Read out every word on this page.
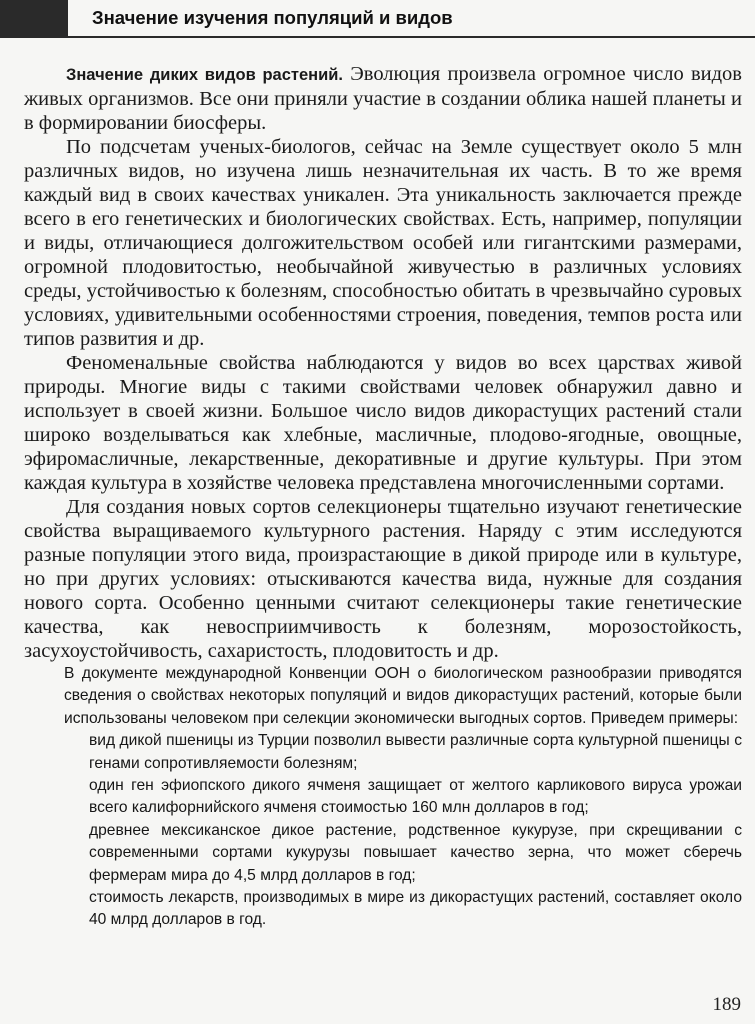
Значение изучения популяций и видов

Значение диких видов растений. Эволюция произвела огромное число видов живых организмов. Все они приняли участие в создании облика нашей планеты и в формировании биосферы.

По подсчетам ученых-биологов, сейчас на Земле существует около 5 млн различных видов, но изучена лишь незначительная их часть. В то же время каждый вид в своих качествах уникален. Эта уникальность заключается прежде всего в его генетических и биологических свойствах. Есть, например, популяции и виды, отличающиеся долгожительством особей или гигантскими размерами, огромной плодовитостью, необычайной живучестью в различных условиях среды, устойчивостью к болезням, способностью обитать в чрезвычайно суровых условиях, удивительными особенностями строения, поведения, темпов роста или типов развития и др.

Феноменальные свойства наблюдаются у видов во всех царствах живой природы. Многие виды с такими свойствами человек обнаружил давно и использует в своей жизни. Большое число видов дикорастущих растений стали широко возделываться как хлебные, масличные, плодово-ягодные, овощные, эфиромасличные, лекарственные, декоративные и другие культуры. При этом каждая культура в хозяйстве человека представлена многочисленными сортами.

Для создания новых сортов селекционеры тщательно изучают генетические свойства выращиваемого культурного растения. Наряду с этим исследуются разные популяции этого вида, произрастающие в дикой природе или в культуре, но при других условиях: отыскиваются качества вида, нужные для создания нового сорта. Особенно ценными считают селекционеры такие генетические качества, как невосприимчивость к болезням, морозостойкость, засухоустойчивость, сахаристость, плодовитость и др.

В документе международной Конвенции ООН о биологическом разнообразии приводятся сведения о свойствах некоторых популяций и видов дикорастущих растений, которые были использованы человеком при селекции экономически выгодных сортов. Приведем примеры:

вид дикой пшеницы из Турции позволил вывести различные сорта культурной пшеницы с генами сопротивляемости болезням;
один ген эфиопского дикого ячменя защищает от желтого карликового вируса урожаи всего калифорнийского ячменя стоимостью 160 млн долларов в год;
древнее мексиканское дикое растение, родственное кукурузе, при скрещивании с современными сортами кукурузы повышает качество зерна, что может сберечь фермерам мира до 4,5 млрд долларов в год;
стоимость лекарств, производимых в мире из дикорастущих растений, составляет около 40 млрд долларов в год.
189
